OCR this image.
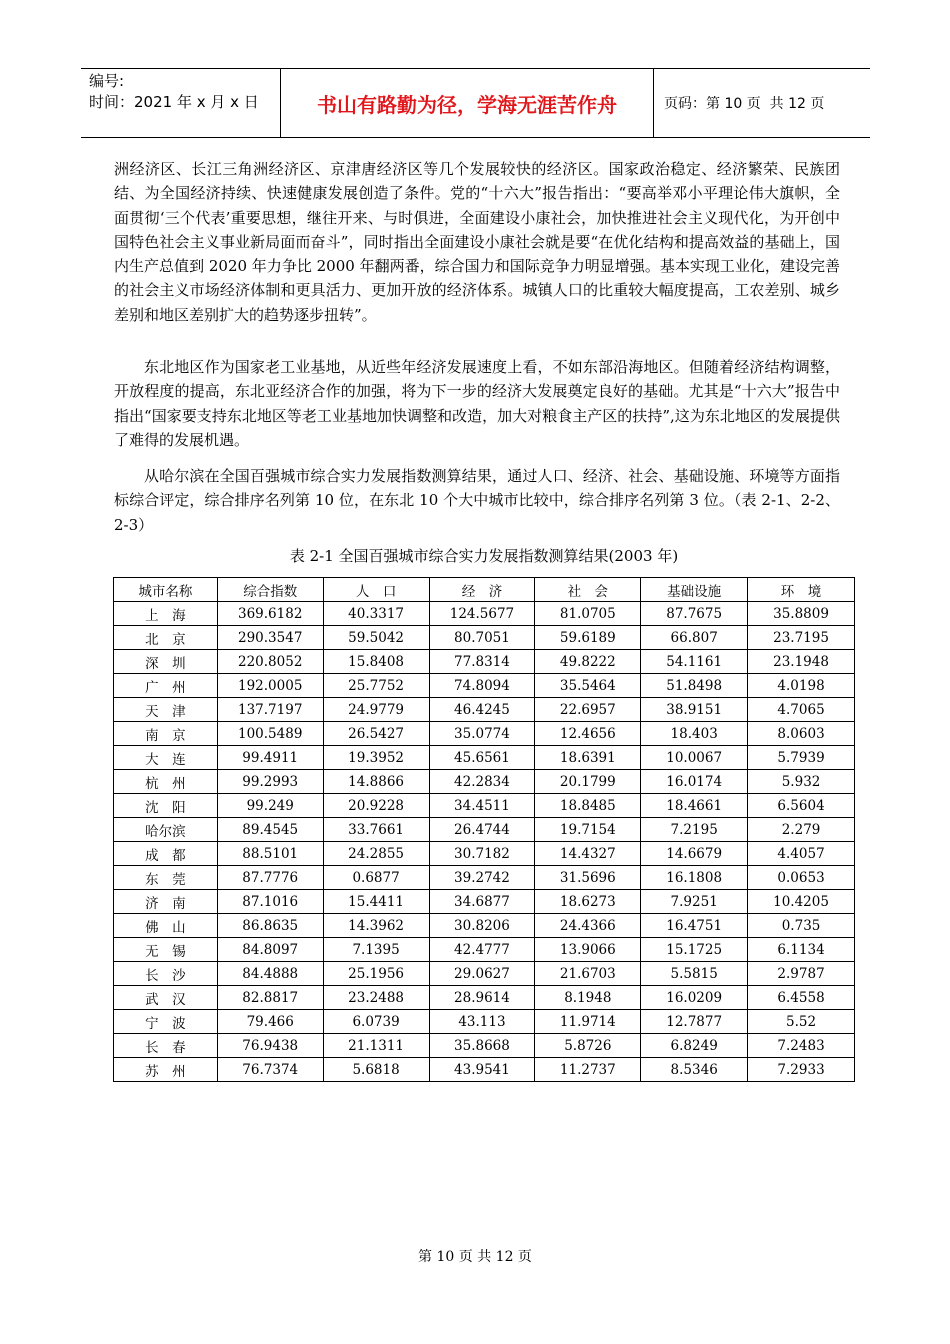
编号:
时间：2021 年 x 月 x 日	书山有路勤为径，学海无涯苦作舟	页码：第 10 页  共 12 页

洲经济区、长江三角洲经济区、京津唐经济区等几个发展较快的经济区。国家政治稳定、经济繁荣、民族团结、为全国经济持续、快速健康发展创造了条件。党的“十六大”报告指出：“要高举邓小平理论伟大旗帜，全面贯彻‘三个代表’重要思想，继往开来、与时俱进，全面建设小康社会，加快推进社会主义现代化，为开创中国特色社会主义事业新局面而奋斗”，同时指出全面建设小康社会就是要“在优化结构和提高效益的基础上，国内生产总值到 2020 年力争比 2000 年翻两番，综合国力和国际竞争力明显增强。基本实现工业化，建设完善的社会主义市场经济体制和更具活力、更加开放的经济体系。城镇人口的比重较大幅度提高，工农差别、城乡差别和地区差别扩大的趋势逐步扭转”。

东北地区作为国家老工业基地，从近些年经济发展速度上看，不如东部沿海地区。但随着经济结构调整，开放程度的提高，东北亚经济合作的加强，将为下一步的经济大发展奠定良好的基础。尤其是“十六大”报告中指出“国家要支持东北地区等老工业基地加快调整和改造，加大对粮食主产区的扶持”,这为东北地区的发展提供了难得的发展机遇。

从哈尔滨在全国百强城市综合实力发展指数测算结果，通过人口、经济、社会、基础设施、环境等方面指标综合评定，综合排序名列第 10 位，在东北 10 个大中城市比较中，综合排序名列第 3 位。（表 2-1、2-2、2-3）

表 2-1 全国百强城市综合实力发展指数测算结果(2003 年)
城市名称	综合指数	人　口	经　济	社　会	基础设施	环　境
上　海	369.6182	40.3317	124.5677	81.0705	87.7675	35.8809
北　京	290.3547	59.5042	80.7051	59.6189	66.807	23.7195
深　圳	220.8052	15.8408	77.8314	49.8222	54.1161	23.1948
广　州	192.0005	25.7752	74.8094	35.5464	51.8498	4.0198
天　津	137.7197	24.9779	46.4245	22.6957	38.9151	4.7065
南　京	100.5489	26.5427	35.0774	12.4656	18.403	8.0603
大　连	99.4911	19.3952	45.6561	18.6391	10.0067	5.7939
杭　州	99.2993	14.8866	42.2834	20.1799	16.0174	5.932
沈　阳	99.249	20.9228	34.4511	18.8485	18.4661	6.5604
哈尔滨	89.4545	33.7661	26.4744	19.7154	7.2195	2.279
成　都	88.5101	24.2855	30.7182	14.4327	14.6679	4.4057
东　莞	87.7776	0.6877	39.2742	31.5696	16.1808	0.0653
济　南	87.1016	15.4411	34.6877	18.6273	7.9251	10.4205
佛　山	86.8635	14.3962	30.8206	24.4366	16.4751	0.735
无　锡	84.8097	7.1395	42.4777	13.9066	15.1725	6.1134
长　沙	84.4888	25.1956	29.0627	21.6703	5.5815	2.9787
武　汉	82.8817	23.2488	28.9614	8.1948	16.0209	6.4558
宁　波	79.466	6.0739	43.113	11.9714	12.7877	5.52
长　春	76.9438	21.1311	35.8668	5.8726	6.8249	7.2483
苏　州	76.7374	5.6818	43.9541	11.2737	8.5346	7.2933
第 10 页 共 12 页
